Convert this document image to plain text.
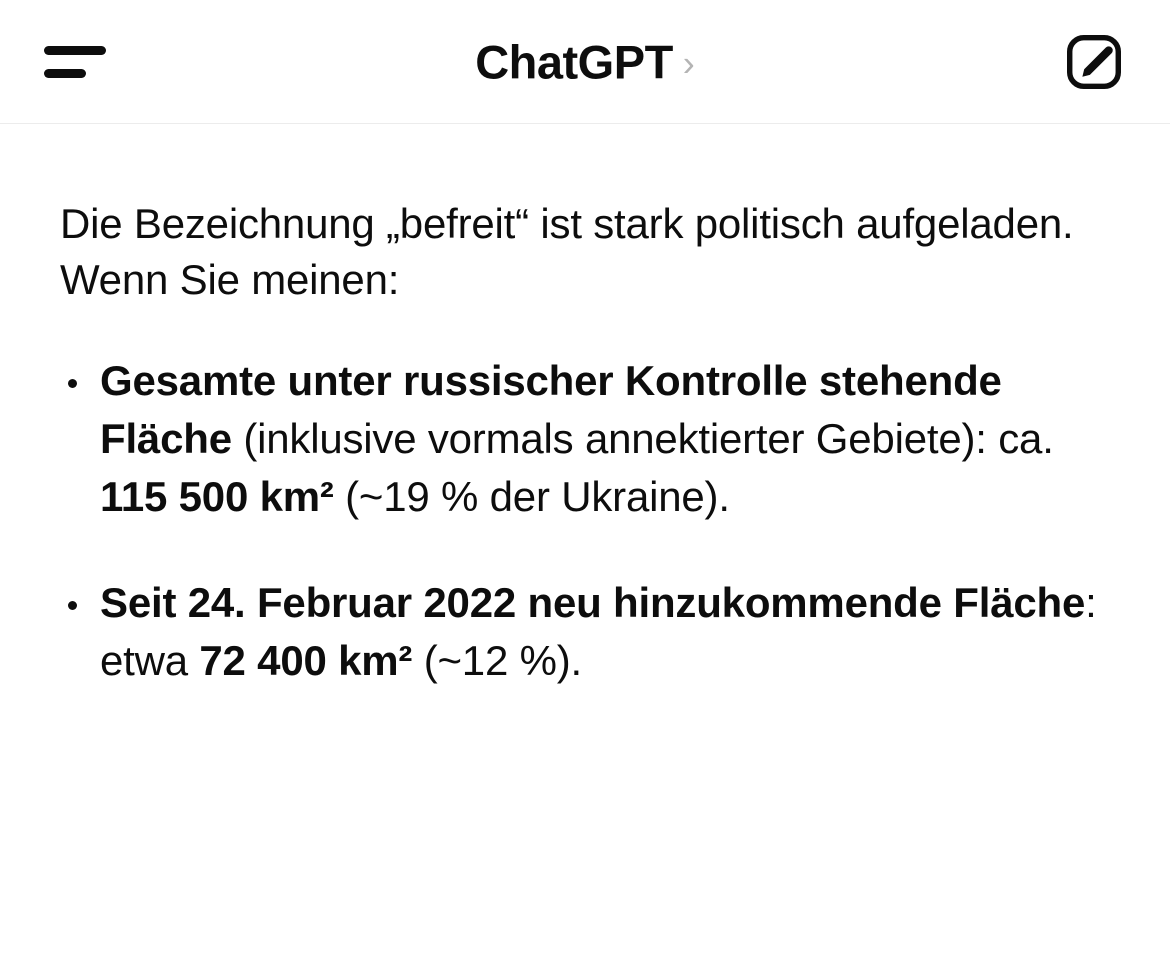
ChatGPT ›

Die Bezeichnung „befreit“ ist stark politisch aufgeladen. Wenn Sie meinen:

Gesamte unter russischer Kontrolle stehende Fläche (inklusive vormals annektierter Gebiete): ca. 115 500 km² (~19 % der Ukraine).
Seit 24. Februar 2022 neu hinzukommende Fläche: etwa 72 400 km² (~12 %).
